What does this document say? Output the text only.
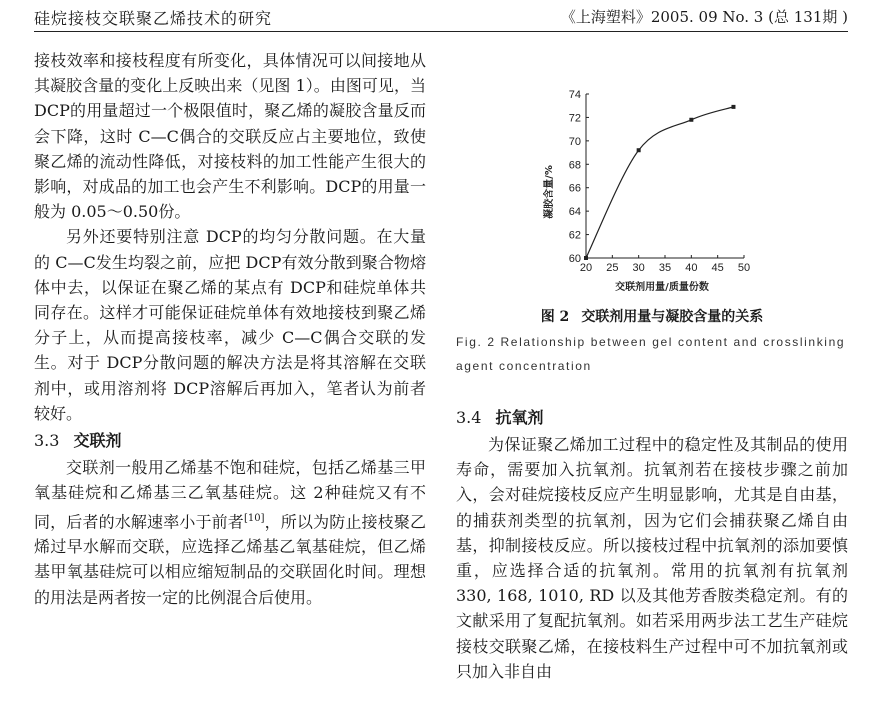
硅烷接枝交联聚乙烯技术的研究	《上海塑料》2005. 09 No. 3 (总 131期 )

接枝效率和接枝程度有所变化，具体情况可以间接地从其凝胶含量的变化上反映出来（见图 1）。由图可见，当 DCP的用量超过一个极限值时，聚乙烯的凝胶含量反而会下降，这时 C—C偶合的交联反应占主要地位，致使聚乙烯的流动性降低，对接枝料的加工性能产生很大的影响，对成品的加工也会产生不利影响。DCP的用量一般为 0.05～0.50份。

另外还要特别注意 DCP的均匀分散问题。在大量的 C—C发生均裂之前，应把 DCP有效分散到聚合物熔体中去，以保证在聚乙烯的某点有 DCP和硅烷单体共同存在。这样才可能保证硅烷单体有效地接枝到聚乙烯分子上，从而提高接枝率，减少 C—C偶合交联的发生。对于 DCP分散问题的解决方法是将其溶解在交联剂中，或用溶剂将 DCP溶解后再加入，笔者认为前者较好。

3.3 交联剂

交联剂一般用乙烯基不饱和硅烷，包括乙烯基三甲氧基硅烷和乙烯基三乙氧基硅烷。这 2种硅烷又有不同，后者的水解速率小于前者[10]，所以为防止接枝聚乙烯过早水解而交联，应选择乙烯基乙氧基硅烷，但乙烯基甲氧基硅烷可以相应缩短制品的交联固化时间。理想的用法是两者按一定的比例混合后使用。

20 25 30 35 40 45 50
60
62
64
66
68
70
72
74
凝胶含量/%
交联剂用量/质量份数
图 2 交联剂用量与凝胶含量的关系
Fig. 2 Relationship between gel content and crosslinking agent concentration
3.4 抗氧剂

为保证聚乙烯加工过程中的稳定性及其制品的使用寿命，需要加入抗氧剂。抗氧剂若在接枝步骤之前加入，会对硅烷接枝反应产生明显影响，尤其是自由基，的捕获剂类型的抗氧剂，因为它们会捕获聚乙烯自由基，抑制接枝反应。所以接枝过程中抗氧剂的添加要慎重，应选择合适的抗氧剂。常用的抗氧剂有抗氧剂 330, 168, 1010, RD 以及其他芳香胺类稳定剂。有的文献采用了复配抗氧剂。如若采用两步法工艺生产硅烷接枝交联聚乙烯，在接枝料生产过程中可不加抗氧剂或只加入非自由
